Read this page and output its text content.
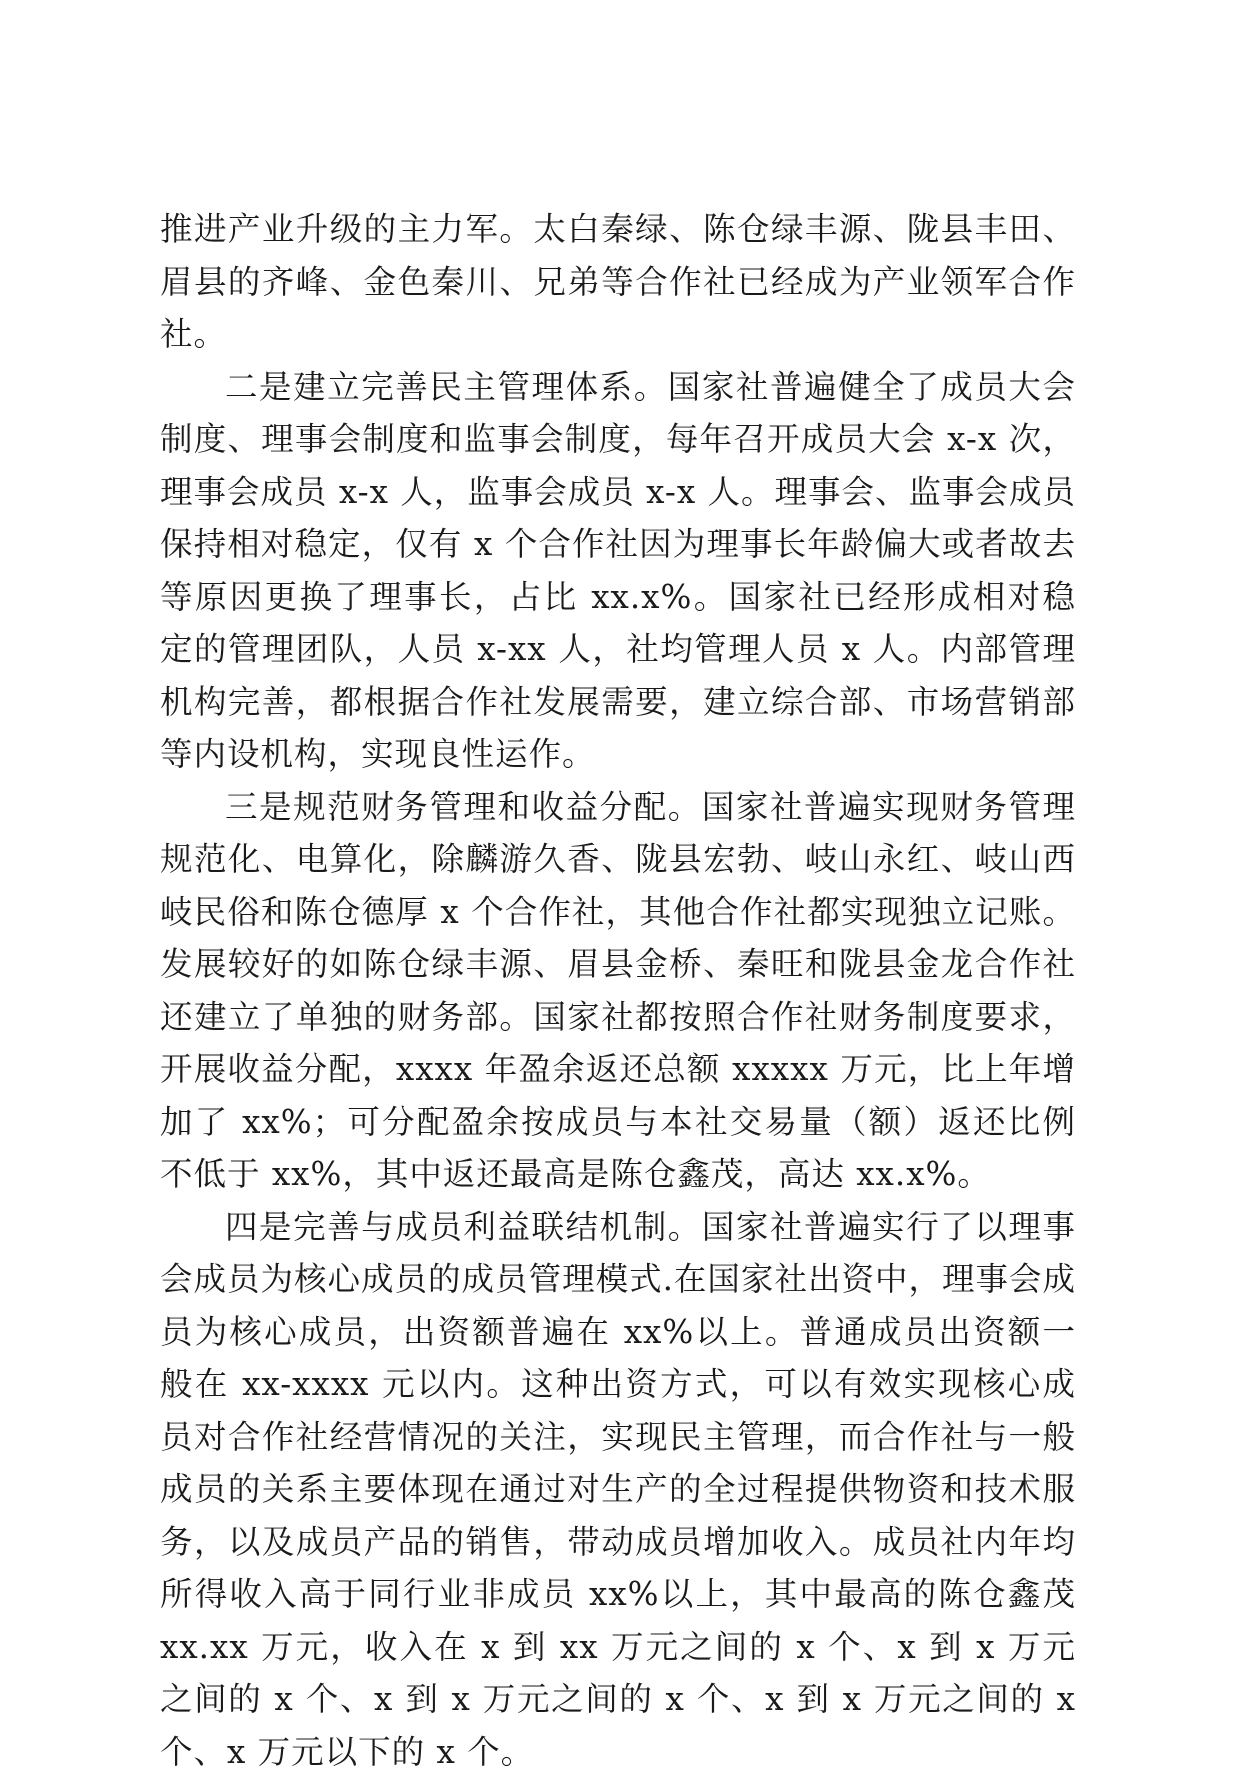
推进产业升级的主力军。太白秦绿、陈仓绿丰源、陇县丰田、眉县的齐峰、金色秦川、兄弟等合作社已经成为产业领军合作社。

二是建立完善民主管理体系。国家社普遍健全了成员大会制度、理事会制度和监事会制度，每年召开成员大会 x-x 次，理事会成员 x-x 人，监事会成员 x-x 人。理事会、监事会成员保持相对稳定，仅有 x 个合作社因为理事长年龄偏大或者故去等原因更换了理事长，占比 xx.x%。国家社已经形成相对稳定的管理团队，人员 x-xx 人，社均管理人员 x 人。内部管理机构完善，都根据合作社发展需要，建立综合部、市场营销部等内设机构，实现良性运作。

三是规范财务管理和收益分配。国家社普遍实现财务管理规范化、电算化，除麟游久香、陇县宏勃、岐山永红、岐山西岐民俗和陈仓德厚 x 个合作社，其他合作社都实现独立记账。发展较好的如陈仓绿丰源、眉县金桥、秦旺和陇县金龙合作社还建立了单独的财务部。国家社都按照合作社财务制度要求，开展收益分配，xxxx 年盈余返还总额 xxxxx 万元，比上年增加了 xx%；可分配盈余按成员与本社交易量（额）返还比例不低于 xx%，其中返还最高是陈仓鑫茂，高达 xx.x%。

四是完善与成员利益联结机制。国家社普遍实行了以理事会成员为核心成员的成员管理模式.在国家社出资中，理事会成员为核心成员，出资额普遍在 xx%以上。普通成员出资额一般在 xx-xxxx 元以内。这种出资方式，可以有效实现核心成员对合作社经营情况的关注，实现民主管理，而合作社与一般成员的关系主要体现在通过对生产的全过程提供物资和技术服务，以及成员产品的销售，带动成员增加收入。成员社内年均所得收入高于同行业非成员 xx%以上，其中最高的陈仓鑫茂 xx.xx 万元，收入在 x 到 xx 万元之间的 x 个、x 到 x 万元之间的 x 个、x 到 x 万元之间的 x 个、x 到 x 万元之间的 x 个、x 万元以下的 x 个。
